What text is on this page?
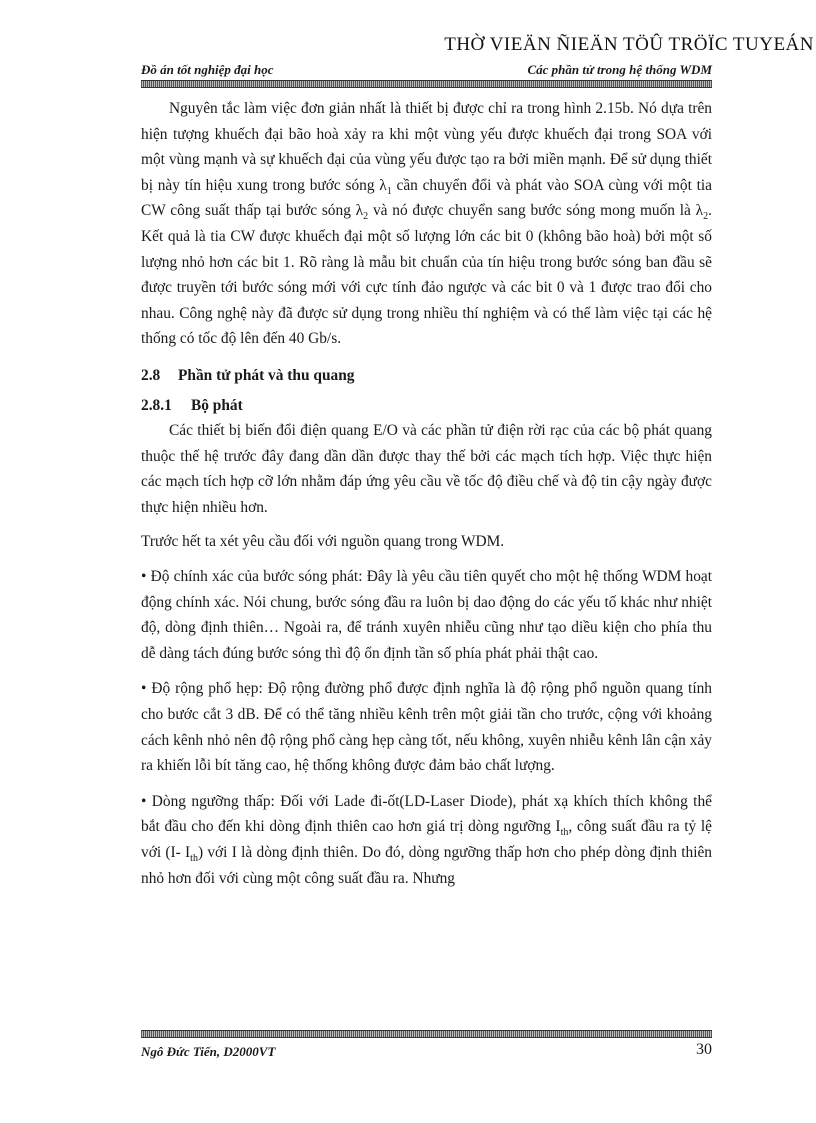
THỜ VIEÄN ÑIEÄN TÖÛ TRÖÏC TUYEÁN
Đồ án tốt nghiệp đại học	Các phần tử trong hệ thống WDM

Nguyên tắc làm việc đơn giản nhất là thiết bị được chỉ ra trong hình 2.15b. Nó dựa trên hiện tượng khuếch đại bão hoà xảy ra khi một vùng yếu được khuếch đại trong SOA với một vùng mạnh và sự khuếch đại của vùng yếu được tạo ra bởi miền mạnh. Để sử dụng thiết bị này tín hiệu xung trong bước sóng $\lambda_1$ cần chuyển đổi và phát vào SOA cùng với một tia CW công suất thấp tại bước sóng $\lambda_2$ và nó được chuyển sang bước sóng mong muốn là $\lambda_2$. Kết quả là tia CW được khuếch đại một số lượng lớn các bit 0 (không bão hoà) bởi một số lượng nhỏ hơn các bit 1. Rõ ràng là mẫu bit chuẩn của tín hiệu trong bước sóng ban đầu sẽ được truyền tới bước sóng mới với cực tính đảo ngược và các bit 0 và 1 được trao đổi cho nhau. Công nghệ này đã được sử dụng trong nhiều thí nghiệm và có thể làm việc tại các hệ thống có tốc độ lên đến 40 Gb/s.

2.8 Phần tử phát và thu quang

2.8.1 Bộ phát

Các thiết bị biến đổi điện quang E/O và các phần tử điện rời rạc của các bộ phát quang thuộc thế hệ trước đây đang dần dần được thay thế bởi các mạch tích hợp. Việc thực hiện các mạch tích hợp cỡ lớn nhằm đáp ứng yêu cầu về tốc độ điều chế và độ tin cậy ngày được thực hiện nhiều hơn.

Trước hết ta xét yêu cầu đối với nguồn quang trong WDM.

• Độ chính xác của bước sóng phát: Đây là yêu cầu tiên quyết cho một hệ thống WDM hoạt động chính xác. Nói chung, bước sóng đầu ra luôn bị dao động do các yếu tố khác như nhiệt độ, dòng định thiên… Ngoài ra, để tránh xuyên nhiễu cũng như tạo diều kiện cho phía thu dễ dàng tách đúng bước sóng thì độ ổn định tần số phía phát phải thật cao.

• Độ rộng phổ hẹp: Độ rộng đường phổ được định nghĩa là độ rộng phổ nguồn quang tính cho bước cắt 3 dB. Để có thể tăng nhiều kênh trên một giải tần cho trước, cộng với khoảng cách kênh nhỏ nên độ rộng phổ càng hẹp càng tốt, nếu không, xuyên nhiễu kênh lân cận xảy ra khiến lỗi bít tăng cao, hệ thống không được đảm bảo chất lượng.

• Dòng ngưỡng thấp: Đối với Lade đi-ốt(LD-Laser Diode), phát xạ khích thích không thể bắt đầu cho đến khi dòng định thiên cao hơn giá trị dòng ngưỡng $I_{th}$, công suất đầu ra tỷ lệ với (I- $I_{th}$) với I là dòng định thiên. Do đó, dòng ngưỡng thấp hơn cho phép dòng định thiên nhỏ hơn đối với cùng một công suất đầu ra. Nhưng

Ngô Đức Tiến, D2000VT	30
